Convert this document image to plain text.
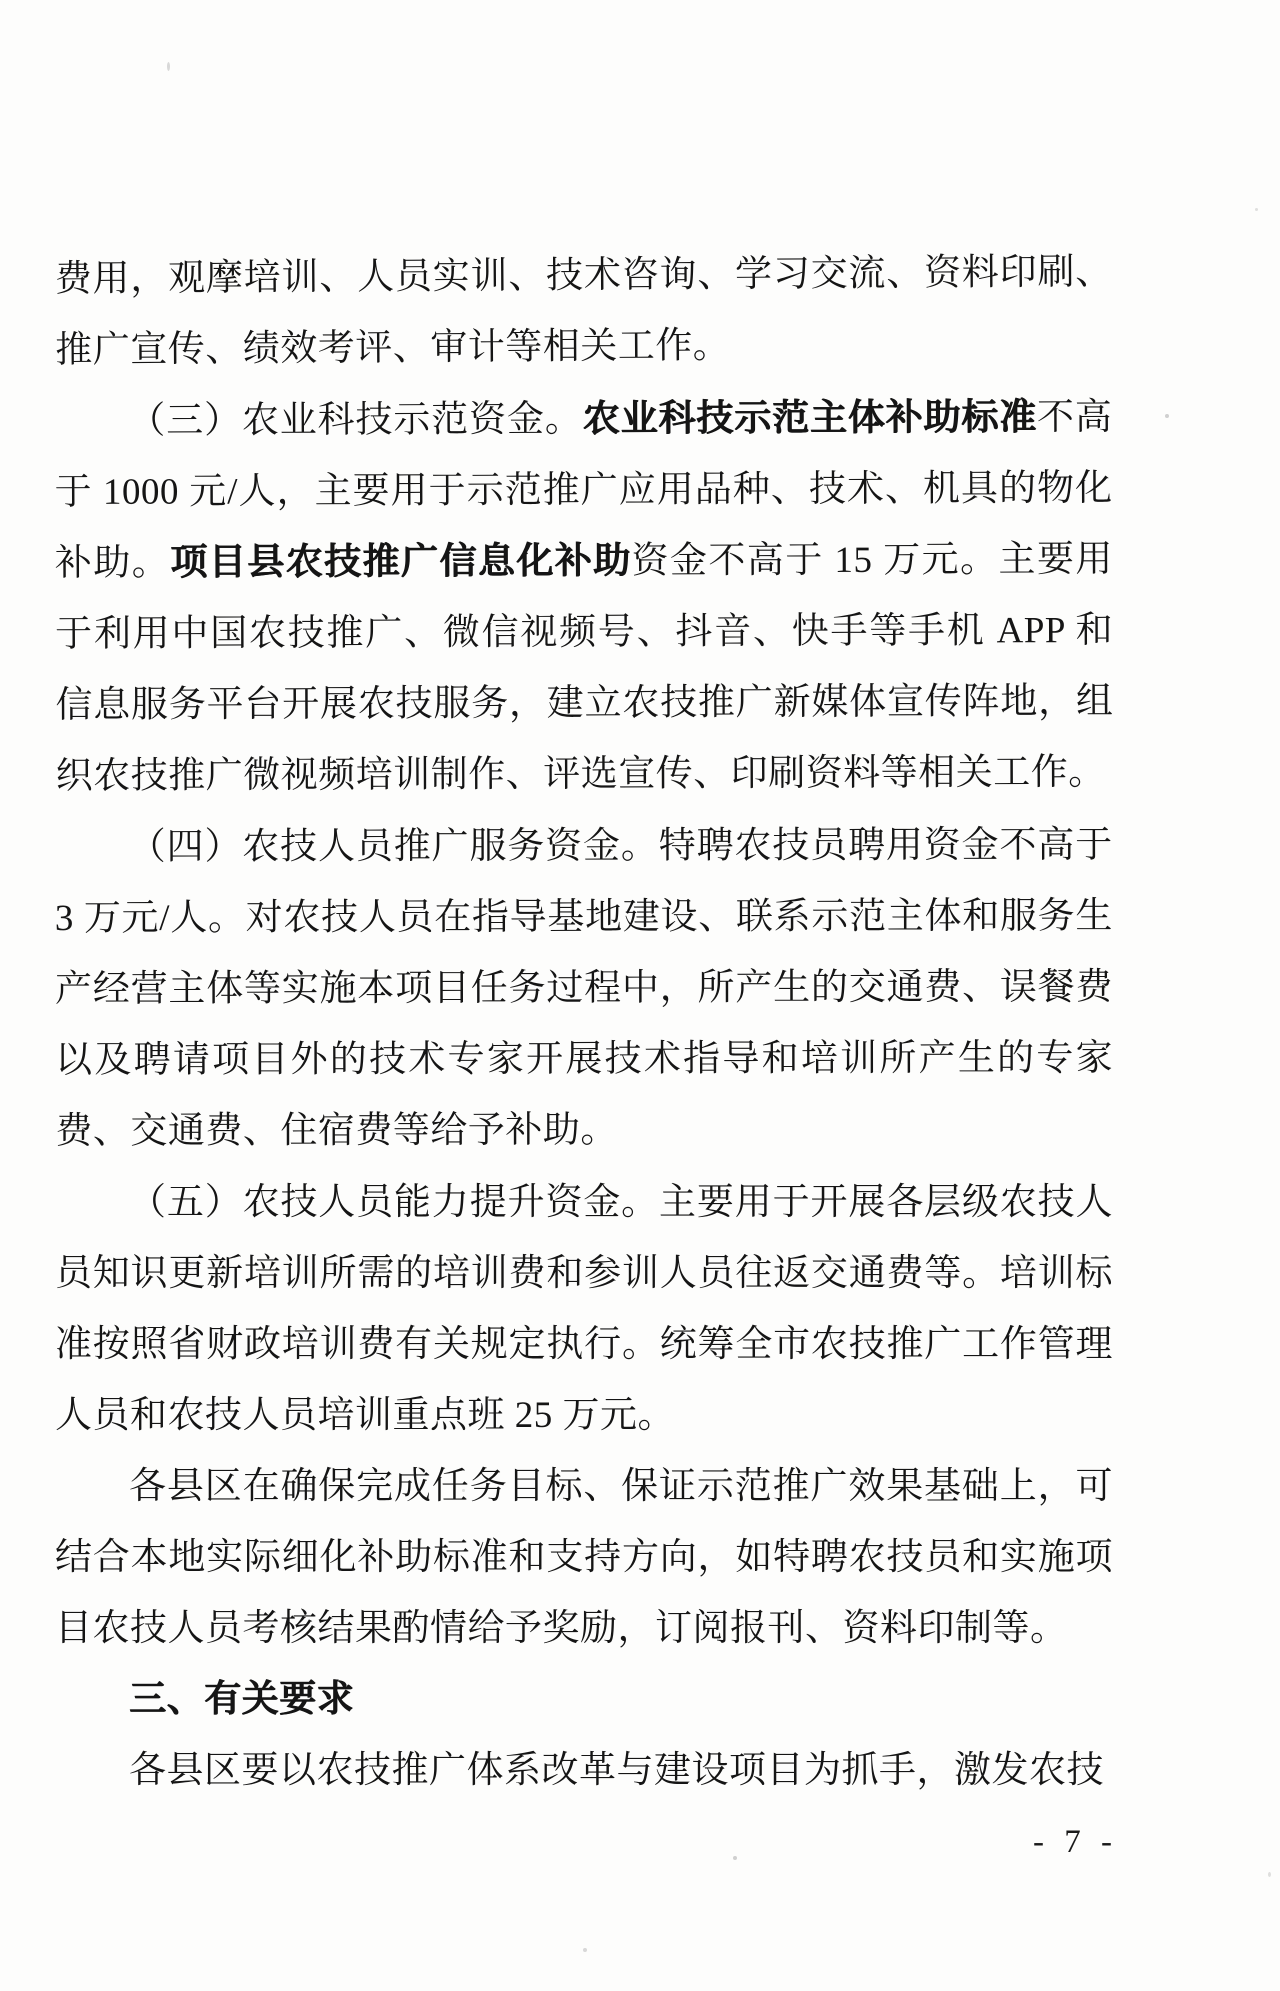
费用，观摩培训、人员实训、技术咨询、学习交流、资料印刷、推广宣传、绩效考评、审计等相关工作。

（三）农业科技示范资金。农业科技示范主体补助标准不高于 1000 元/人，主要用于示范推广应用品种、技术、机具的物化补助。项目县农技推广信息化补助资金不高于 15 万元。主要用于利用中国农技推广、微信视频号、抖音、快手等手机 APP 和信息服务平台开展农技服务，建立农技推广新媒体宣传阵地，组织农技推广微视频培训制作、评选宣传、印刷资料等相关工作。

（四）农技人员推广服务资金。特聘农技员聘用资金不高于 3 万元/人。对农技人员在指导基地建设、联系示范主体和服务生产经营主体等实施本项目任务过程中，所产生的交通费、误餐费以及聘请项目外的技术专家开展技术指导和培训所产生的专家费、交通费、住宿费等给予补助。

（五）农技人员能力提升资金。主要用于开展各层级农技人员知识更新培训所需的培训费和参训人员往返交通费等。培训标准按照省财政培训费有关规定执行。统筹全市农技推广工作管理人员和农技人员培训重点班 25 万元。

各县区在确保完成任务目标、保证示范推广效果基础上，可结合本地实际细化补助标准和支持方向，如特聘农技员和实施项目农技人员考核结果酌情给予奖励，订阅报刊、资料印制等。

三、有关要求

各县区要以农技推广体系改革与建设项目为抓手，激发农技

- 7 -
